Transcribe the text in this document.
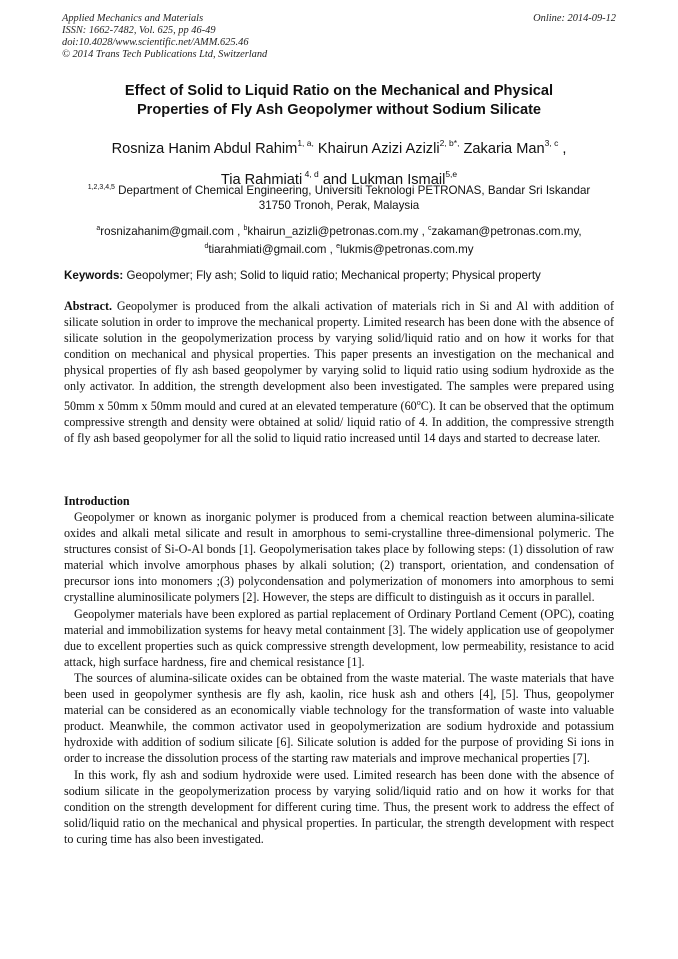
Applied Mechanics and Materials
ISSN: 1662-7482, Vol. 625, pp 46-49
doi:10.4028/www.scientific.net/AMM.625.46
© 2014 Trans Tech Publications Ltd, Switzerland
Online: 2014-09-12
Effect of Solid to Liquid Ratio on the Mechanical and Physical
Properties of Fly Ash Geopolymer without Sodium Silicate
Rosniza Hanim Abdul Rahim$^{1, a,}$ Khairun Azizi Azizli$^{2, b*,}$ Zakaria Man$^{3, c}$ ,
Tia Rahmiati $^{4, d}$ and Lukman Ismail$^{5,e}$
$^{1,2,3,4,5}$ Department of Chemical Engineering, Universiti Teknologi PETRONAS, Bandar Sri Iskandar
31750 Tronoh, Perak, Malaysia
$^a$rosnizahanim@gmail.com , $^b$khairun_azizli@petronas.com.my , $^c$zakaman@petronas.com.my,
$^d$tiarahmiati@gmail.com , $^e$lukmis@petronas.com.my
Keywords: Geopolymer; Fly ash; Solid to liquid ratio; Mechanical property; Physical property
Abstract. Geopolymer is produced from the alkali activation of materials rich in Si and Al with addition of silicate solution in order to improve the mechanical property. Limited research has been done with the absence of silicate solution in the geopolymerization process by varying solid/liquid ratio and on how it works for that condition on mechanical and physical properties. This paper presents an investigation on the mechanical and physical properties of fly ash based geopolymer by varying solid to liquid ratio using sodium hydroxide as the only activator. In addition, the strength development also been investigated. The samples were prepared using 50mm x 50mm x 50mm mould and cured at an elevated temperature (60$^o$C). It can be observed that the optimum compressive strength and density were obtained at solid/ liquid ratio of 4. In addition, the compressive strength of fly ash based geopolymer for all the solid to liquid ratio increased until 14 days and started to decrease later.
Introduction

Geopolymer or known as inorganic polymer is produced from a chemical reaction between alumina-silicate oxides and alkali metal silicate and result in amorphous to semi-crystalline three-dimensional polymeric. The structures consist of Si-O-Al bonds [1]. Geopolymerisation takes place by following steps: (1) dissolution of raw material which involve amorphous phases by alkali solution; (2) transport, orientation, and condensation of precursor ions into monomers ;(3) polycondensation and polymerization of monomers into amorphous to semi crystalline aluminosilicate polymers [2]. However, the steps are difficult to distinguish as it occurs in parallel.

Geopolymer materials have been explored as partial replacement of Ordinary Portland Cement (OPC), coating material and immobilization systems for heavy metal containment [3]. The widely application use of geopolymer due to excellent properties such as quick compressive strength development, low permeability, resistance to acid attack, high surface hardness, fire and chemical resistance [1].

The sources of alumina-silicate oxides can be obtained from the waste material. The waste materials that have been used in geopolymer synthesis are fly ash, kaolin, rice husk ash and others [4], [5]. Thus, geopolymer material can be considered as an economically viable technology for the transformation of waste into valuable product. Meanwhile, the common activator used in geopolymerization are sodium hydroxide and potassium hydroxide with addition of sodium silicate [6]. Silicate solution is added for the purpose of providing Si ions in order to increase the dissolution process of the starting raw materials and improve mechanical properties [7].

In this work, fly ash and sodium hydroxide were used. Limited research has been done with the absence of sodium silicate in the geopolymerization process by varying solid/liquid ratio and on how it works for that condition on the strength development for different curing time. Thus, the present work to address the effect of solid/liquid ratio on the mechanical and physical properties. In particular, the strength development with respect to curing time has also been investigated.
